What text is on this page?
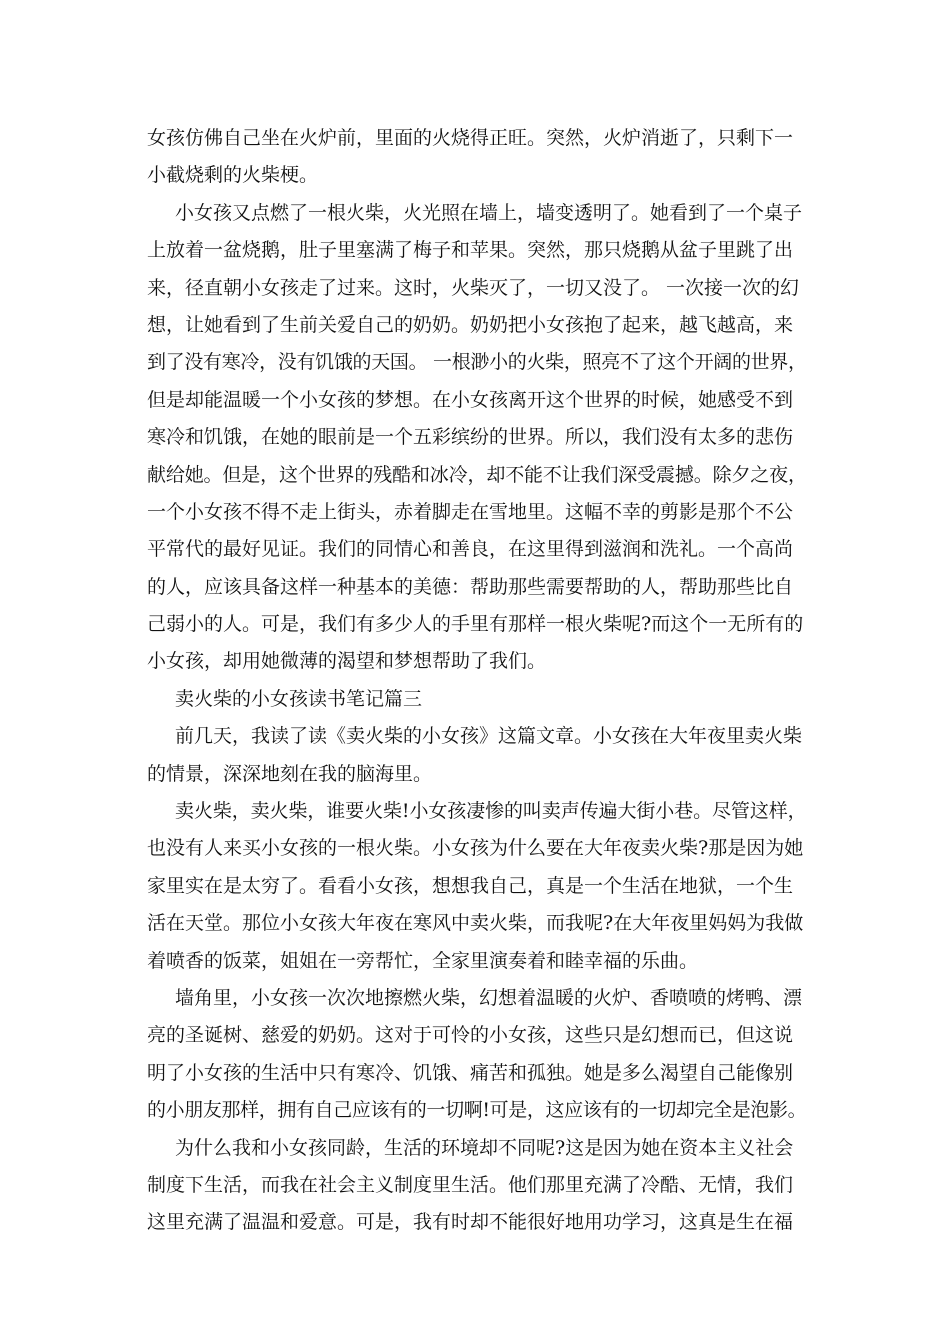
女孩仿佛自己坐在火炉前，里面的火烧得正旺。突然，火炉消逝了，只剩下一
小截烧剩的火柴梗。
小女孩又点燃了一根火柴，火光照在墙上，墙变透明了。她看到了一个桌子
上放着一盆烧鹅，肚子里塞满了梅子和苹果。突然，那只烧鹅从盆子里跳了出
来，径直朝小女孩走了过来。这时，火柴灭了，一切又没了。 一次接一次的幻
想，让她看到了生前关爱自己的奶奶。奶奶把小女孩抱了起来，越飞越高，来
到了没有寒冷，没有饥饿的天国。 一根渺小的火柴，照亮不了这个开阔的世界，
但是却能温暖一个小女孩的梦想。在小女孩离开这个世界的时候，她感受不到
寒冷和饥饿，在她的眼前是一个五彩缤纷的世界。所以，我们没有太多的悲伤
献给她。但是，这个世界的残酷和冰冷，却不能不让我们深受震撼。除夕之夜，
一个小女孩不得不走上街头，赤着脚走在雪地里。这幅不幸的剪影是那个不公
平常代的最好见证。我们的同情心和善良，在这里得到滋润和洗礼。一个高尚
的人，应该具备这样一种基本的美德：帮助那些需要帮助的人，帮助那些比自
己弱小的人。可是，我们有多少人的手里有那样一根火柴呢?而这个一无所有的
小女孩，却用她微薄的渴望和梦想帮助了我们。
卖火柴的小女孩读书笔记篇三
前几天，我读了读《卖火柴的小女孩》这篇文章。小女孩在大年夜里卖火柴
的情景，深深地刻在我的脑海里。
卖火柴，卖火柴，谁要火柴!小女孩凄惨的叫卖声传遍大街小巷。尽管这样，
也没有人来买小女孩的一根火柴。小女孩为什么要在大年夜卖火柴?那是因为她
家里实在是太穷了。看看小女孩，想想我自己，真是一个生活在地狱，一个生
活在天堂。那位小女孩大年夜在寒风中卖火柴，而我呢?在大年夜里妈妈为我做
着喷香的饭菜，姐姐在一旁帮忙，全家里演奏着和睦幸福的乐曲。
墙角里，小女孩一次次地擦燃火柴，幻想着温暖的火炉、香喷喷的烤鸭、漂
亮的圣诞树、慈爱的奶奶。这对于可怜的小女孩，这些只是幻想而已，但这说
明了小女孩的生活中只有寒冷、饥饿、痛苦和孤独。她是多么渴望自己能像别
的小朋友那样，拥有自己应该有的一切啊!可是，这应该有的一切却完全是泡影。
为什么我和小女孩同龄，生活的环境却不同呢?这是因为她在资本主义社会
制度下生活，而我在社会主义制度里生活。他们那里充满了冷酷、无情，我们
这里充满了温温和爱意。可是，我有时却不能很好地用功学习，这真是生在福
